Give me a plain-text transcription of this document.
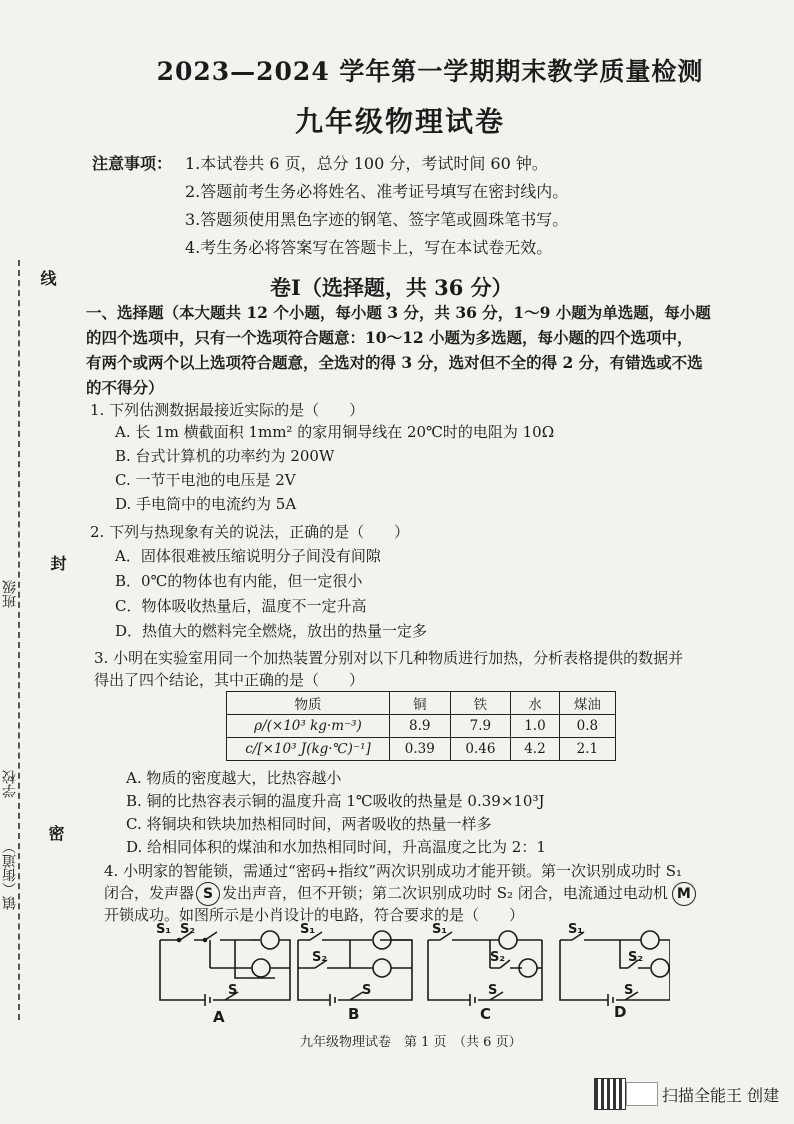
2023—2024 学年第一学期期末教学质量检测
九年级物理试卷
注意事项： 1.本试卷共 6 页，总分 100 分，考试时间 60 钟。
2.答题前考生务必将姓名、准考证号填写在密封线内。
3.答题须使用黑色字迹的钢笔、签字笔或圆珠笔书写。
4.考生务必将答案写在答题卡上，写在本试卷无效。
卷Ⅰ（选择题，共 36 分）
一、选择题（本大题共 12 个小题，每小题 3 分，共 36 分，1～9 小题为单选题，每小题
的四个选项中，只有一个选项符合题意：10～12 小题为多选题，每小题的四个选项中，
有两个或两个以上选项符合题意，全选对的得 3 分，选对但不全的得 2 分，有错选或不选
的不得分）
1. 下列估测数据最接近实际的是（　　）
A. 长 1m 横截面积 1mm² 的家用铜导线在 20℃时的电阻为 10Ω
B. 台式计算机的功率约为 200W
C. 一节干电池的电压是 2V
D. 手电筒中的电流约为 5A
2. 下列与热现象有关的说法，正确的是（　　）
A．固体很难被压缩说明分子间没有间隙
B．0℃的物体也有内能，但一定很小
C．物体吸收热量后，温度不一定升高
D．热值大的燃料完全燃烧，放出的热量一定多
3. 小明在实验室用同一个加热装置分别对以下几种物质进行加热，分析表格提供的数据并
得出了四个结论，其中正确的是（　　）
物质	铜	铁	水	煤油
ρ/(×10³ kg·m⁻³)	8.9	7.9	1.0	0.8
c/[×10³ J(kg·℃)⁻¹]	0.39	0.46	4.2	2.1
A. 物质的密度越大，比热容越小
B. 铜的比热容表示铜的温度升高 1℃吸收的热量是 0.39×10³J
C. 将铜块和铁块加热相同时间，两者吸收的热量一样多
D. 给相同体积的煤油和水加热相同时间，升高温度之比为 2：1
4. 小明家的智能锁，需通过“密码+指纹”两次识别成功才能开锁。第一次识别成功时 S₁
闭合，发声器 S 发出声音，但不开锁；第二次识别成功时 S₂ 闭合，电流通过电动机 M
开锁成功。如图所示是小肖设计的电路，符合要求的是（　　）
S₁ S₂
S
S₁
S₂
S
S₁
S₂
S
S₁
S₂
S
A	B	C	D
线
封
密
班级
学校
镇（街道）
九年级物理试卷　第 1 页　（共 6 页）
扫描全能王 创建
